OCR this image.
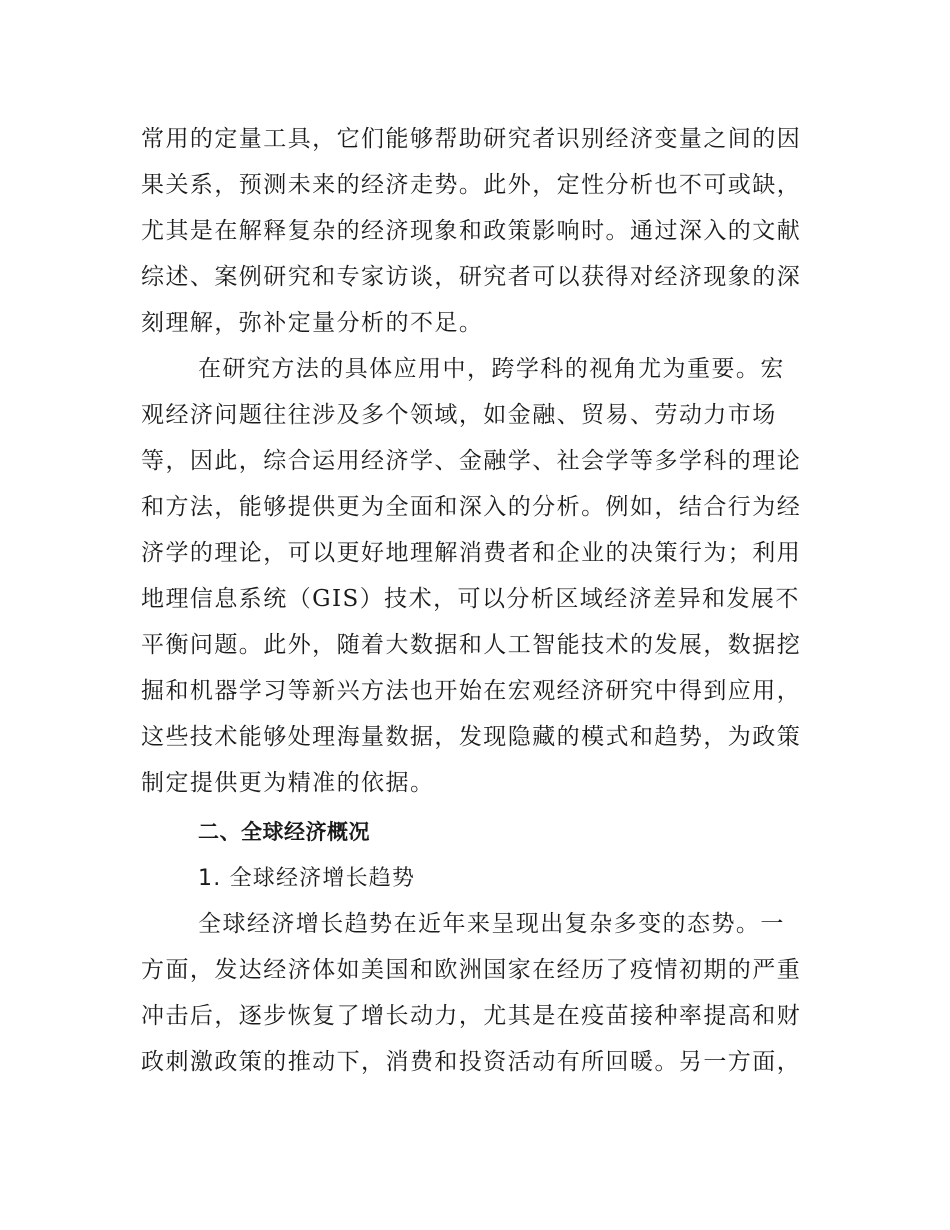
常用的定量工具，它们能够帮助研究者识别经济变量之间的因
果关系，预测未来的经济走势。此外，定性分析也不可或缺，
尤其是在解释复杂的经济现象和政策影响时。通过深入的文献
综述、案例研究和专家访谈，研究者可以获得对经济现象的深
刻理解，弥补定量分析的不足。
在研究方法的具体应用中，跨学科的视角尤为重要。宏
观经济问题往往涉及多个领域，如金融、贸易、劳动力市场
等，因此，综合运用经济学、金融学、社会学等多学科的理论
和方法，能够提供更为全面和深入的分析。例如，结合行为经
济学的理论，可以更好地理解消费者和企业的决策行为；利用
地理信息系统（GIS）技术，可以分析区域经济差异和发展不
平衡问题。此外，随着大数据和人工智能技术的发展，数据挖
掘和机器学习等新兴方法也开始在宏观经济研究中得到应用，
这些技术能够处理海量数据，发现隐藏的模式和趋势，为政策
制定提供更为精准的依据。
二、全球经济概况
1. 全球经济增长趋势
全球经济增长趋势在近年来呈现出复杂多变的态势。一
方面，发达经济体如美国和欧洲国家在经历了疫情初期的严重
冲击后，逐步恢复了增长动力，尤其是在疫苗接种率提高和财
政刺激政策的推动下，消费和投资活动有所回暖。另一方面，
